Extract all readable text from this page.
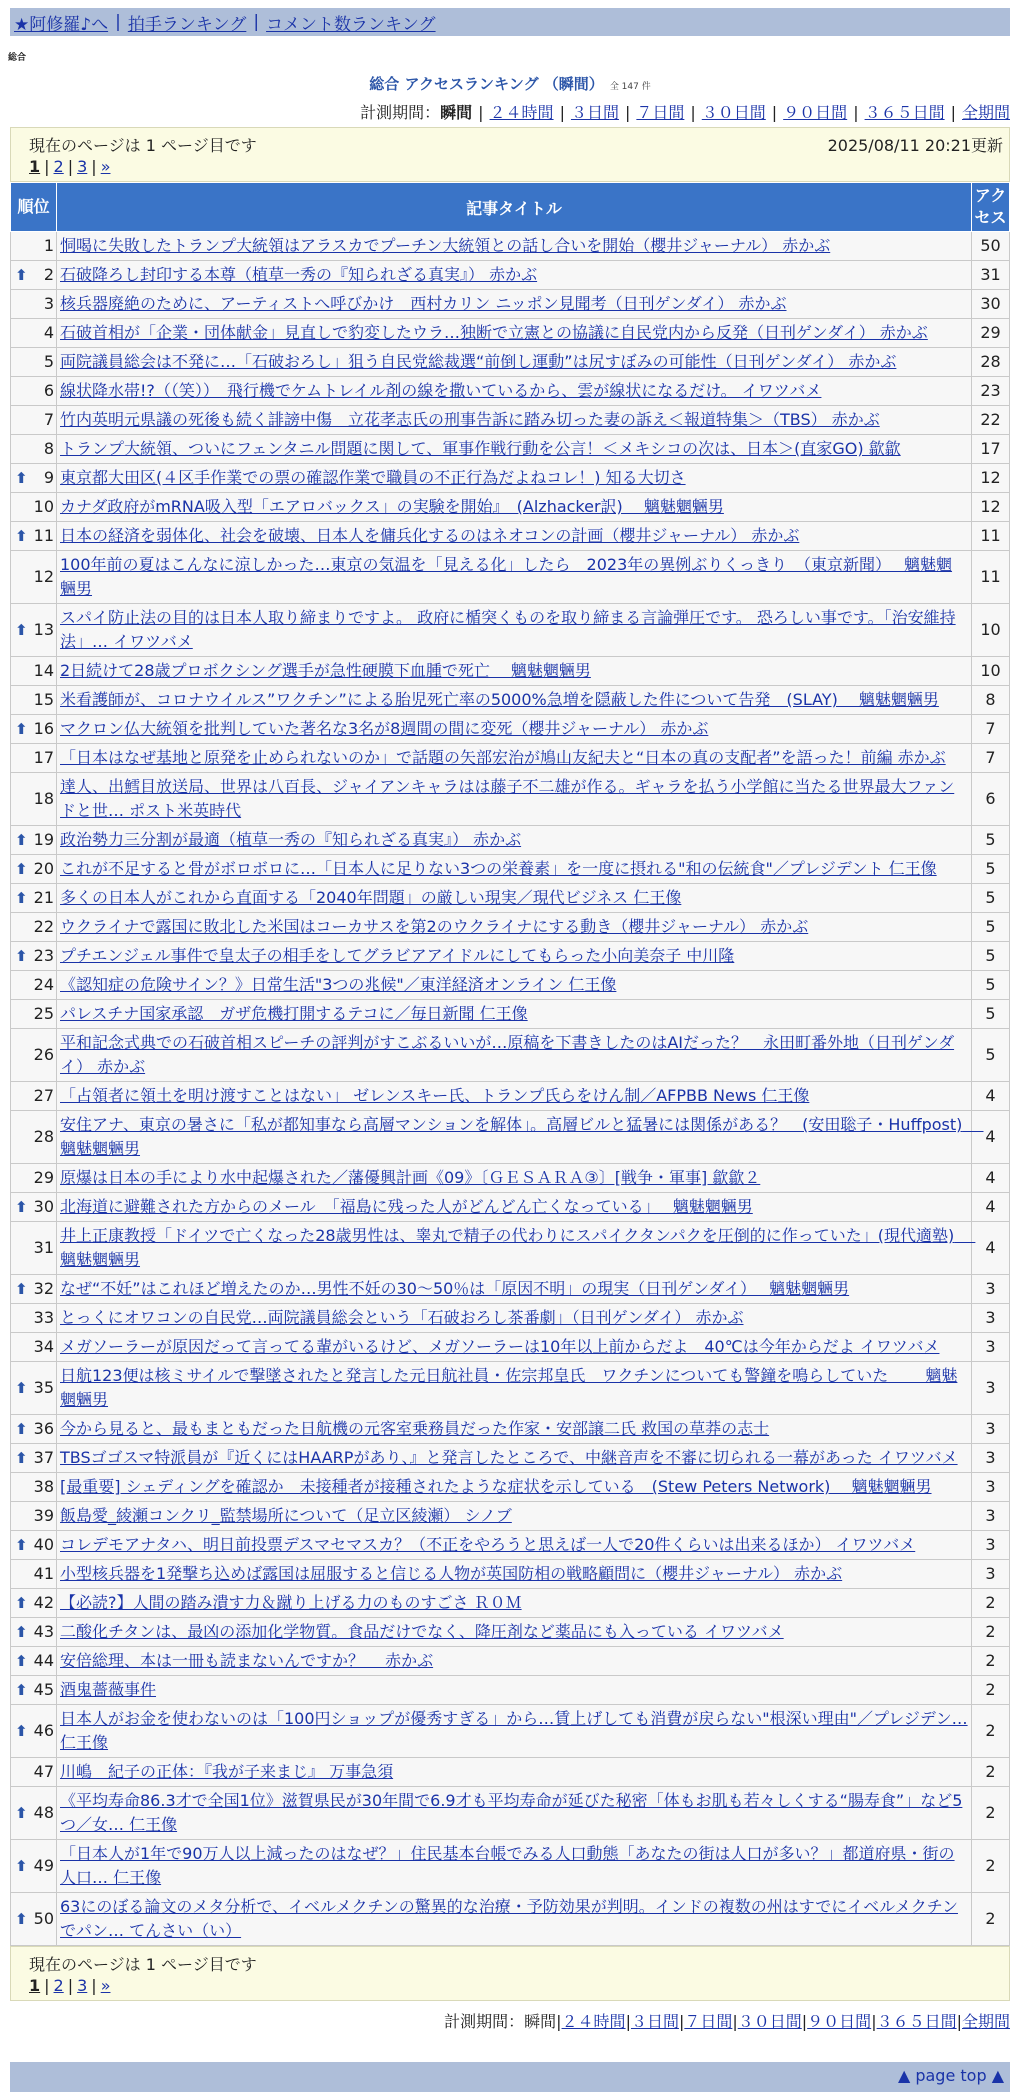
★阿修羅♪へ | 拍手ランキング | コメント数ランキング
総合
総合 アクセスランキング （瞬間） 全 147 件
計測期間：瞬間 | ２４時間 | ３日間 | ７日間 | ３０日間 | ９０日間 | ３６５日間 | 全期間
現在のページは 1 ページ目です	2025/08/11 20:21更新
1 | 2 | 3 | »
順位	記事タイトル	アクセス
1	恫喝に失敗したトランプ大統領はアラスカでプーチン大統領との話し合いを開始（櫻井ジャーナル） 赤かぶ	50

⬆ 2	石破降ろし封印する本尊（植草一秀の『知られざる真実』） 赤かぶ	31
3	核兵器廃絶のために、アーティストへ呼びかけ　西村カリン ニッポン見聞考（日刊ゲンダイ） 赤かぶ	30
4	石破首相が「企業・団体献金」見直しで豹変したウラ…独断で立憲との協議に自民党内から反発（日刊ゲンダイ） 赤かぶ	29
5	両院議員総会は不発に…「石破おろし」狙う自民党総裁選“前倒し運動”は尻すぼみの可能性（日刊ゲンダイ） 赤かぶ	28
6	線状降水帯!?（（笑））　飛行機でケムトレイル剤の線を撒いているから、雲が線状になるだけ。 イワツバメ	23
7	竹内英明元県議の死後も続く誹謗中傷　立花孝志氏の刑事告訴に踏み切った妻の訴え＜報道特集＞（TBS） 赤かぶ	22
8	トランプ大統領、ついにフェンタニル問題に関して、軍事作戦行動を公言！＜メキシコの次は、日本＞(直家GO) 歙歙	17

⬆ 9	東京都大田区(４区手作業での票の確認作業で職員の不正行為だよねコレ！) 知る大切さ	12
10	カナダ政府がmRNA吸入型「エアロバックス」の実験を開始』　(Alzhacker訳)　 魑魅魍魎男	12

⬆ 11	日本の経済を弱体化、社会を破壊、日本人を傭兵化するのはネオコンの計画（櫻井ジャーナル） 赤かぶ	11
12	100年前の夏はこんなに涼しかった…東京の気温を「見える化」したら　2023年の異例ぶりくっきり　（東京新聞）　 魑魅魍魎男	11

⬆ 13	スパイ防止法の目的は日本人取り締まりですよ。 政府に楯突くものを取り締まる言論弾圧です。 恐ろしい事です。「治安維持法」… イワツバメ	10
14	2日続けて28歳プロボクシング選手が急性硬膜下血腫で死亡　 魑魅魍魎男	10
15	米看護師が、コロナウイルス”ワクチン”による胎児死亡率の5000%急増を隠蔽した件について告発　(SLAY)　 魑魅魍魎男	8

⬆ 16	マクロン仏大統領を批判していた著名な3名が8週間の間に変死（櫻井ジャーナル） 赤かぶ	7
17	「日本はなぜ基地と原発を止められないのか」で話題の矢部宏治が鳩山友紀夫と“日本の真の支配者”を語った！前編 赤かぶ	7
18	達人、出鱈目放送局、世界は八百長、ジャイアンキャラはは藤子不二雄が作る。ギャラを払う小学館に当たる世界最大ファンドと世… ポスト米英時代	6

⬆ 19	政治勢力三分割が最適（植草一秀の『知られざる真実』） 赤かぶ	5

⬆ 20	これが不足すると骨がボロボロに…「日本人に足りない3つの栄養素」を一度に摂れる"和の伝統食"／プレジデント 仁王像	5

⬆ 21	多くの日本人がこれから直面する「2040年問題」の厳しい現実／現代ビジネス 仁王像	5
22	ウクライナで露国に敗北した米国はコーカサスを第2のウクライナにする動き（櫻井ジャーナル） 赤かぶ	5

⬆ 23	プチエンジェル事件で皇太子の相手をしてグラビアアイドルにしてもらった小向美奈子 中川隆	5
24	《認知症の危険サイン？》日常生活"3つの兆候"／東洋経済オンライン 仁王像	5
25	パレスチナ国家承認　ガザ危機打開するテコに／毎日新聞 仁王像	5
26	平和記念式典での石破首相スピーチの評判がすこぶるいいが…原稿を下書きしたのはAIだった？　永田町番外地（日刊ゲンダイ） 赤かぶ	5
27	「占領者に領土を明け渡すことはない」 ゼレンスキー氏、トランプ氏らをけん制／AFPBB News 仁王像	4
28	安住アナ、東京の暑さに「私が都知事なら高層マンションを解体」。高層ビルと猛暑には関係がある？　(安田聡子・Huffpost)　 魑魅魍魎男	4
29	原爆は日本の手により水中起爆された／藩優興計画《09》〔ＧＥＳＡＲＡ③〕[戦争・軍事] 歙歙２	4

⬆ 30	北海道に避難された方からのメール　「福島に残った人がどんどん亡くなっている」　 魑魅魍魎男	4
31	井上正康教授「ドイツで亡くなった28歳男性は、睾丸で精子の代わりにスパイクタンパクを圧倒的に作っていた」(現代適塾)　 魑魅魍魎男	4

⬆ 32	なぜ“不妊”はこれほど増えたのか…男性不妊の30～50％は「原因不明」の現実（日刊ゲンダイ）　 魑魅魍魎男	3
33	とっくにオワコンの自民党…両院議員総会という「石破おろし茶番劇」（日刊ゲンダイ） 赤かぶ	3
34	メガソーラーが原因だって言ってる輩がいるけど、メガソーラーは10年以上前からだよ　40℃は今年からだよ イワツバメ	3

⬆ 35	日航123便は核ミサイルで撃墜されたと発言した元日航社員・佐宗邦皇氏　ワクチンについても警鐘を鳴らしていた　　 魑魅魍魎男	3

⬆ 36	今から見ると、最もまともだった日航機の元客室乗務員だった作家・安部譲二氏 救国の草莽の志士	3

⬆ 37	TBSゴゴスマ特派員が『近くにはHAARPがあり、』と発言したところで、中継音声を不審に切られる一幕があった イワツバメ	3
38	[最重要] シェディングを確認か　未接種者が接種されたような症状を示している　(Stew Peters Network)　 魑魅魍魎男	3
39	飯島愛_綾瀬コンクリ_監禁場所について（足立区綾瀬） シノブ	3

⬆ 40	コレデモアナタハ、明日前投票デスマセマスカ？（不正をやろうと思えば一人で20件くらいは出来るほか） イワツバメ	3
41	小型核兵器を1発撃ち込めば露国は屈服すると信じる人物が英国防相の戦略顧問に（櫻井ジャーナル） 赤かぶ	3

⬆ 42	【必読?】人間の踏み潰す力＆蹴り上げる力のものすごさ Ｒ０Ｍ	2

⬆ 43	二酸化チタンは、最凶の添加化学物質。食品だけでなく、降圧剤など薬品にも入っている イワツバメ	2

⬆ 44	安倍総理、本は一冊も読まないんですか？　 赤かぶ	2

⬆ 45	酒鬼薔薇事件	2

⬆ 46	日本人がお金を使わないのは「100円ショップが優秀すぎる」から…賃上げしても消費が戻らない"根深い理由"／プレジデン… 仁王像	2
47	川嶋　紀子の正体：『我が子来まじ』 万事急須	2

⬆ 48	《平均寿命86.3才で全国1位》滋賀県民が30年間で6.9才も平均寿命が延びた秘密「体もお肌も若々しくする“腸寿食”」など5つ／女… 仁王像	2

⬆ 49	「日本人が1年で90万人以上減ったのはなぜ？」住民基本台帳でみる人口動態「あなたの街は人口が多い？」都道府県・街の人口… 仁王像	2

⬆ 50	63にのぼる論文のメタ分析で、イベルメクチンの驚異的な治療・予防効果が判明。インドの複数の州はすでにイベルメクチンでパン… てんさい（い）	2
現在のページは 1 ページ目です
1 | 2 | 3 | »
計測期間：瞬間|２４時間|３日間|７日間|３０日間|９０日間|３６５日間|全期間
▲ page top ▲
